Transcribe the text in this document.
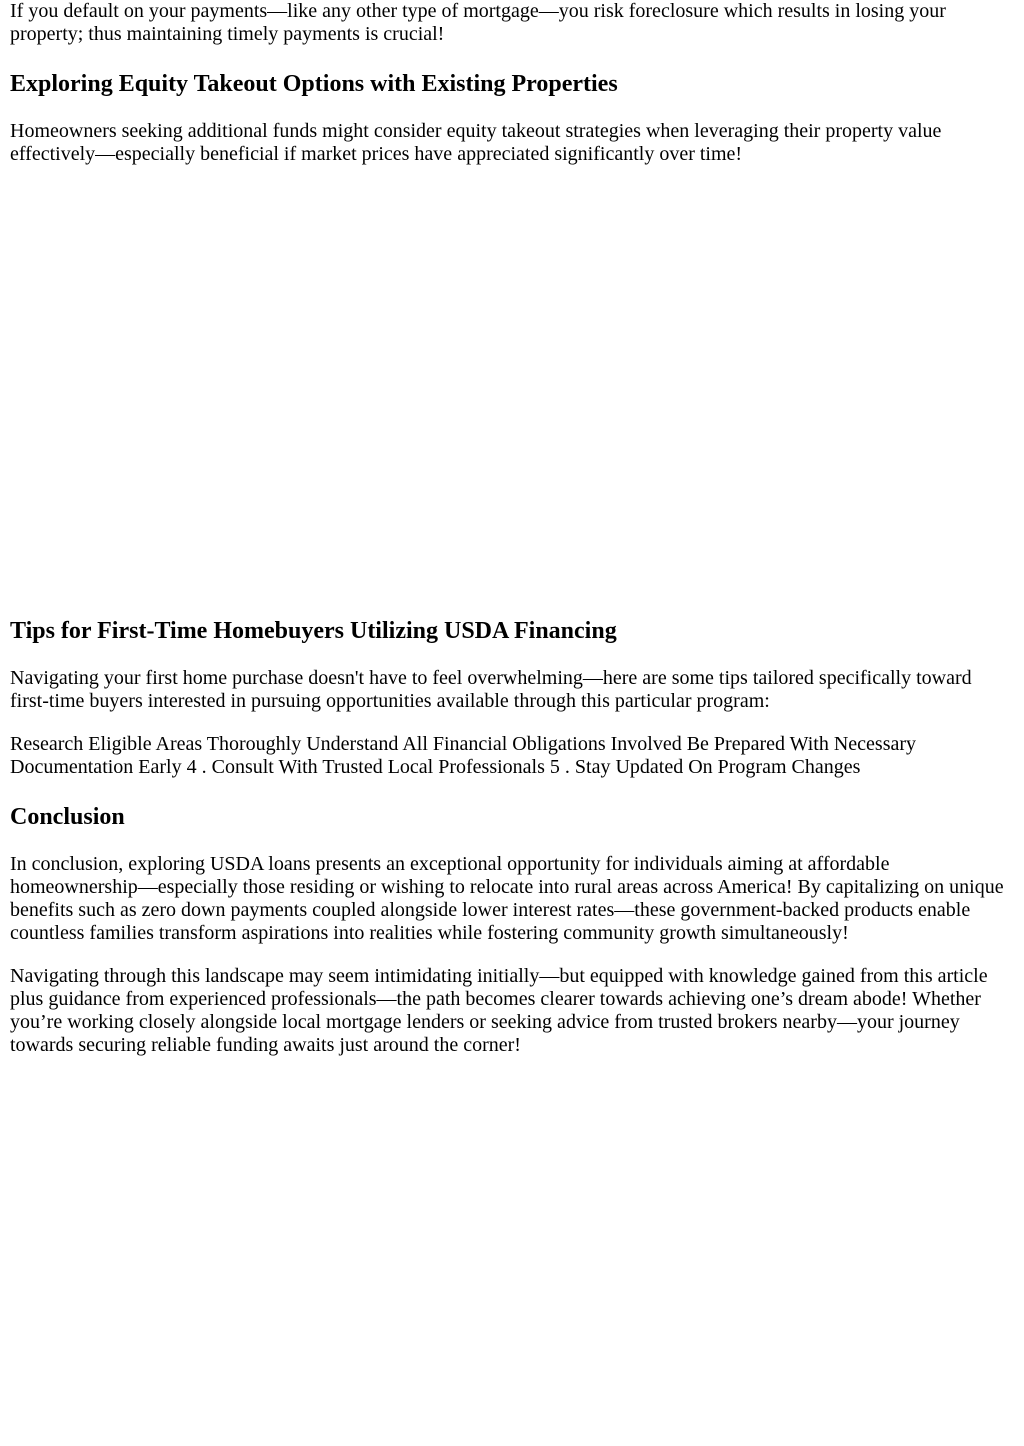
If you default on your payments—like any other type of mortgage—you risk foreclosure which results in losing your property; thus maintaining timely payments is crucial!

Exploring Equity Takeout Options with Existing Properties

Homeowners seeking additional funds might consider equity takeout strategies when leveraging their property value effectively—especially beneficial if market prices have appreciated significantly over time!

Tips for First-Time Homebuyers Utilizing USDA Financing

Navigating your first home purchase doesn't have to feel overwhelming—here are some tips tailored specifically toward first-time buyers interested in pursuing opportunities available through this particular program:

Research Eligible Areas Thoroughly Understand All Financial Obligations Involved Be Prepared With Necessary Documentation Early 4 . Consult With Trusted Local Professionals 5 . Stay Updated On Program Changes

Conclusion

In conclusion, exploring USDA loans presents an exceptional opportunity for individuals aiming at affordable homeownership—especially those residing or wishing to relocate into rural areas across America! By capitalizing on unique benefits such as zero down payments coupled alongside lower interest rates—these government-backed products enable countless families transform aspirations into realities while fostering community growth simultaneously!

Navigating through this landscape may seem intimidating initially—but equipped with knowledge gained from this article plus guidance from experienced professionals—the path becomes clearer towards achieving one’s dream abode! Whether you’re working closely alongside local mortgage lenders or seeking advice from trusted brokers nearby—your journey towards securing reliable funding awaits just around the corner!
